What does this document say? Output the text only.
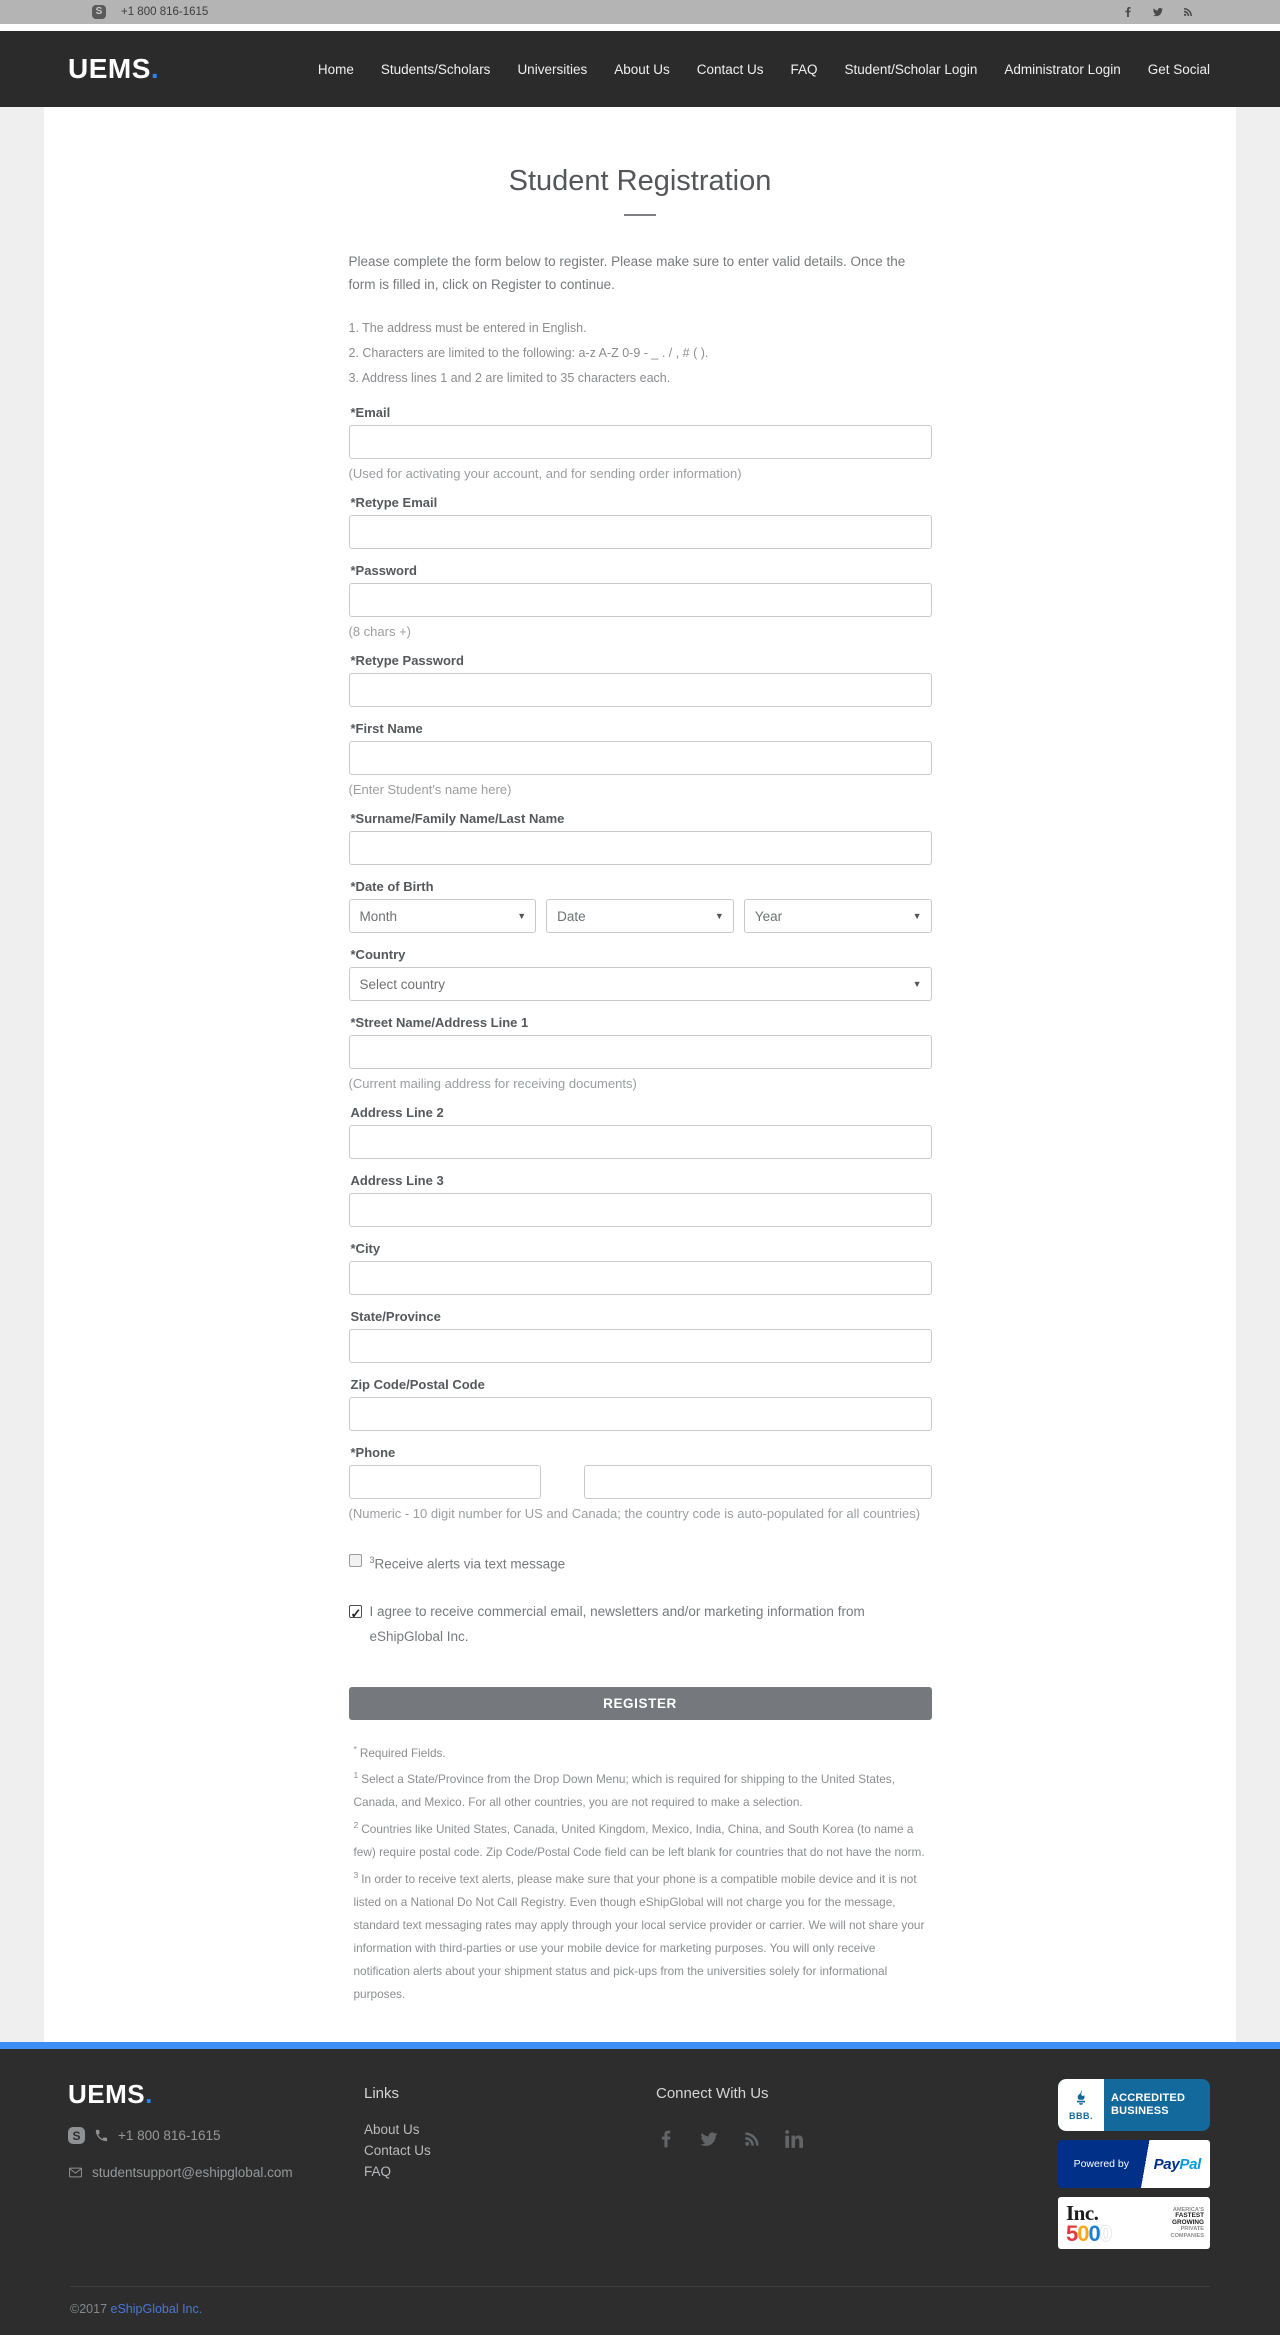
S	+1 800 816-1615
UEMS.	Home Students/Scholars Universities About Us Contact Us FAQ Student/Scholar Login Administrator Login Get Social
Student Registration

Please complete the form below to register. Please make sure to enter valid details. Once the form is filled in, click on Register to continue.

1. The address must be entered in English.
2. Characters are limited to the following: a-z A-Z 0-9 - _ . / , # ( ).
3. Address lines 1 and 2 are limited to 35 characters each.
*Email

(Used for activating your account, and for sending order information)

*Retype Email
*Password

(8 chars +)

*Retype Password
*First Name

(Enter Student's name here)

*Surname/Family Name/Last Name
*Date of Birth
Month	▼ Date	▼ Year	▼
*Country
Select country	▼
*Street Name/Address Line 1

(Current mailing address for receiving documents)

Address Line 2
Address Line 3
*City
State/Province
Zip Code/Postal Code
*Phone

(Numeric - 10 digit number for US and Canada; the country code is auto-populated for all countries)

$^3$Receive alerts via text message
✓
I agree to receive commercial email, newsletters and/or marketing information from eShipGlobal Inc.
REGISTER

* Required Fields.

$^1$ Select a State/Province from the Drop Down Menu; which is required for shipping to the United States, Canada, and Mexico. For all other countries, you are not required to make a selection.

$^2$ Countries like United States, Canada, United Kingdom, Mexico, India, China, and South Korea (to name a few) require postal code. Zip Code/Postal Code field can be left blank for countries that do not have the norm.

$^3$ In order to receive text alerts, please make sure that your phone is a compatible mobile device and it is not listed on a National Do Not Call Registry. Even though eShipGlobal will not charge you for the message, standard text messaging rates may apply through your local service provider or carrier. We will not share your information with third-parties or use your mobile device for marketing purposes. You will only receive notification alerts about your shipment status and pick-ups from the universities solely for informational purposes.

UEMS.
S	+1 800 816-1615
studentsupport@eshipglobal.com

Links

About Us
Contact Us
FAQ

Connect With Us

BBB.
ACCREDITED
BUSINESS
Powered by	PayPal
Inc.
5000
AMERICA'S
FASTEST
GROWING
PRIVATE
COMPANIES
©2017 eShipGlobal Inc.
